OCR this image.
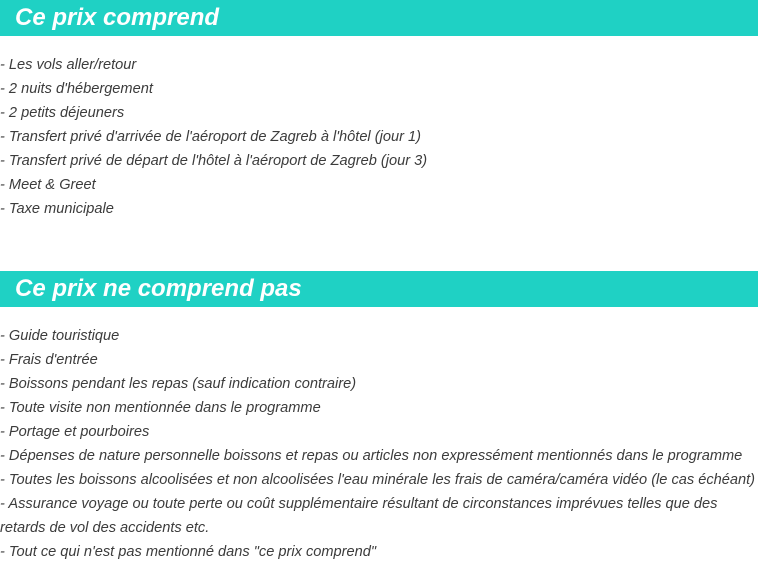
Ce prix comprend
- Les vols aller/retour
- 2 nuits d'hébergement
- 2 petits déjeuners
- Transfert privé d'arrivée de l'aéroport de Zagreb à l'hôtel (jour 1)
- Transfert privé de départ de l'hôtel à l'aéroport de Zagreb (jour 3)
- Meet & Greet
- Taxe municipale
Ce prix ne comprend pas
- Guide touristique
- Frais d'entrée
- Boissons pendant les repas (sauf indication contraire)
- Toute visite non mentionnée dans le programme
- Portage et pourboires
- Dépenses de nature personnelle boissons et repas ou articles non expressément mentionnés dans le programme
- Toutes les boissons alcoolisées et non alcoolisées l'eau minérale les frais de caméra/caméra vidéo (le cas échéant)
- Assurance voyage ou toute perte ou coût supplémentaire résultant de circonstances imprévues telles que des retards de vol des accidents etc.
- Tout ce qui n'est pas mentionné dans "ce prix comprend"
